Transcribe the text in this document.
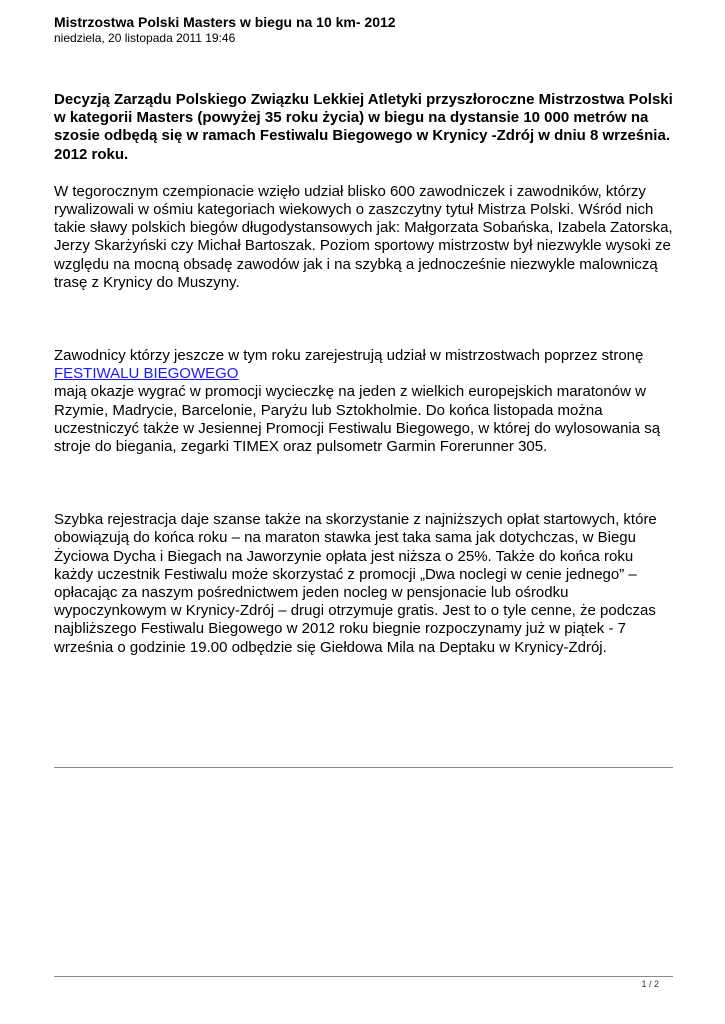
Mistrzostwa Polski Masters w biegu na 10 km- 2012
niedziela, 20 listopada 2011 19:46

Decyzją Zarządu Polskiego Związku Lekkiej Atletyki przyszłoroczne Mistrzostwa Polski w kategorii Masters (powyżej 35 roku życia) w biegu na dystansie 10 000 metrów na szosie odbędą się w ramach Festiwalu Biegowego w Krynicy -Zdrój w dniu 8 września. 2012 roku.

W tegorocznym czempionacie wzięło udział blisko 600 zawodniczek i zawodników, którzy rywalizowali w ośmiu kategoriach wiekowych o zaszczytny tytuł Mistrza Polski. Wśród nich takie sławy polskich biegów długodystansowych jak: Małgorzata Sobańska, Izabela Zatorska, Jerzy Skarżyński czy Michał Bartoszak. Poziom sportowy mistrzostw był niezwykle wysoki ze względu na mocną obsadę zawodów jak i na szybką a jednocześnie niezwykle malowniczą trasę z Krynicy do Muszyny.

Zawodnicy którzy jeszcze w tym roku zarejestrują udział w mistrzostwach poprzez stronę FESTIWALU BIEGOWEGO
mają okazje wygrać w promocji wycieczkę na jeden z wielkich europejskich maratonów w Rzymie, Madrycie, Barcelonie, Paryżu lub Sztokholmie. Do końca listopada można uczestniczyć także w Jesiennej Promocji Festiwalu Biegowego, w której do wylosowania są stroje do biegania, zegarki TIMEX oraz pulsometr Garmin Forerunner 305.

Szybka rejestracja daje szanse także na skorzystanie z najniższych opłat startowych, które obowiązują do końca roku – na maraton stawka jest taka sama jak dotychczas, w Biegu Życiowa Dycha i Biegach na Jaworzynie opłata jest niższa o 25%. Także do końca roku każdy uczestnik Festiwalu może skorzystać z promocji „Dwa noclegi w cenie jednego” – opłacając za naszym pośrednictwem jeden nocleg w pensjonacie lub ośrodku wypoczynkowym w Krynicy-Zdrój – drugi otrzymuje gratis. Jest to o tyle cenne, że podczas najbliższego Festiwalu Biegowego w 2012 roku biegnie rozpoczynamy już w piątek - 7 września o godzinie 19.00 odbędzie się Giełdowa Mila na Deptaku w Krynicy-Zdrój.

1 / 2
